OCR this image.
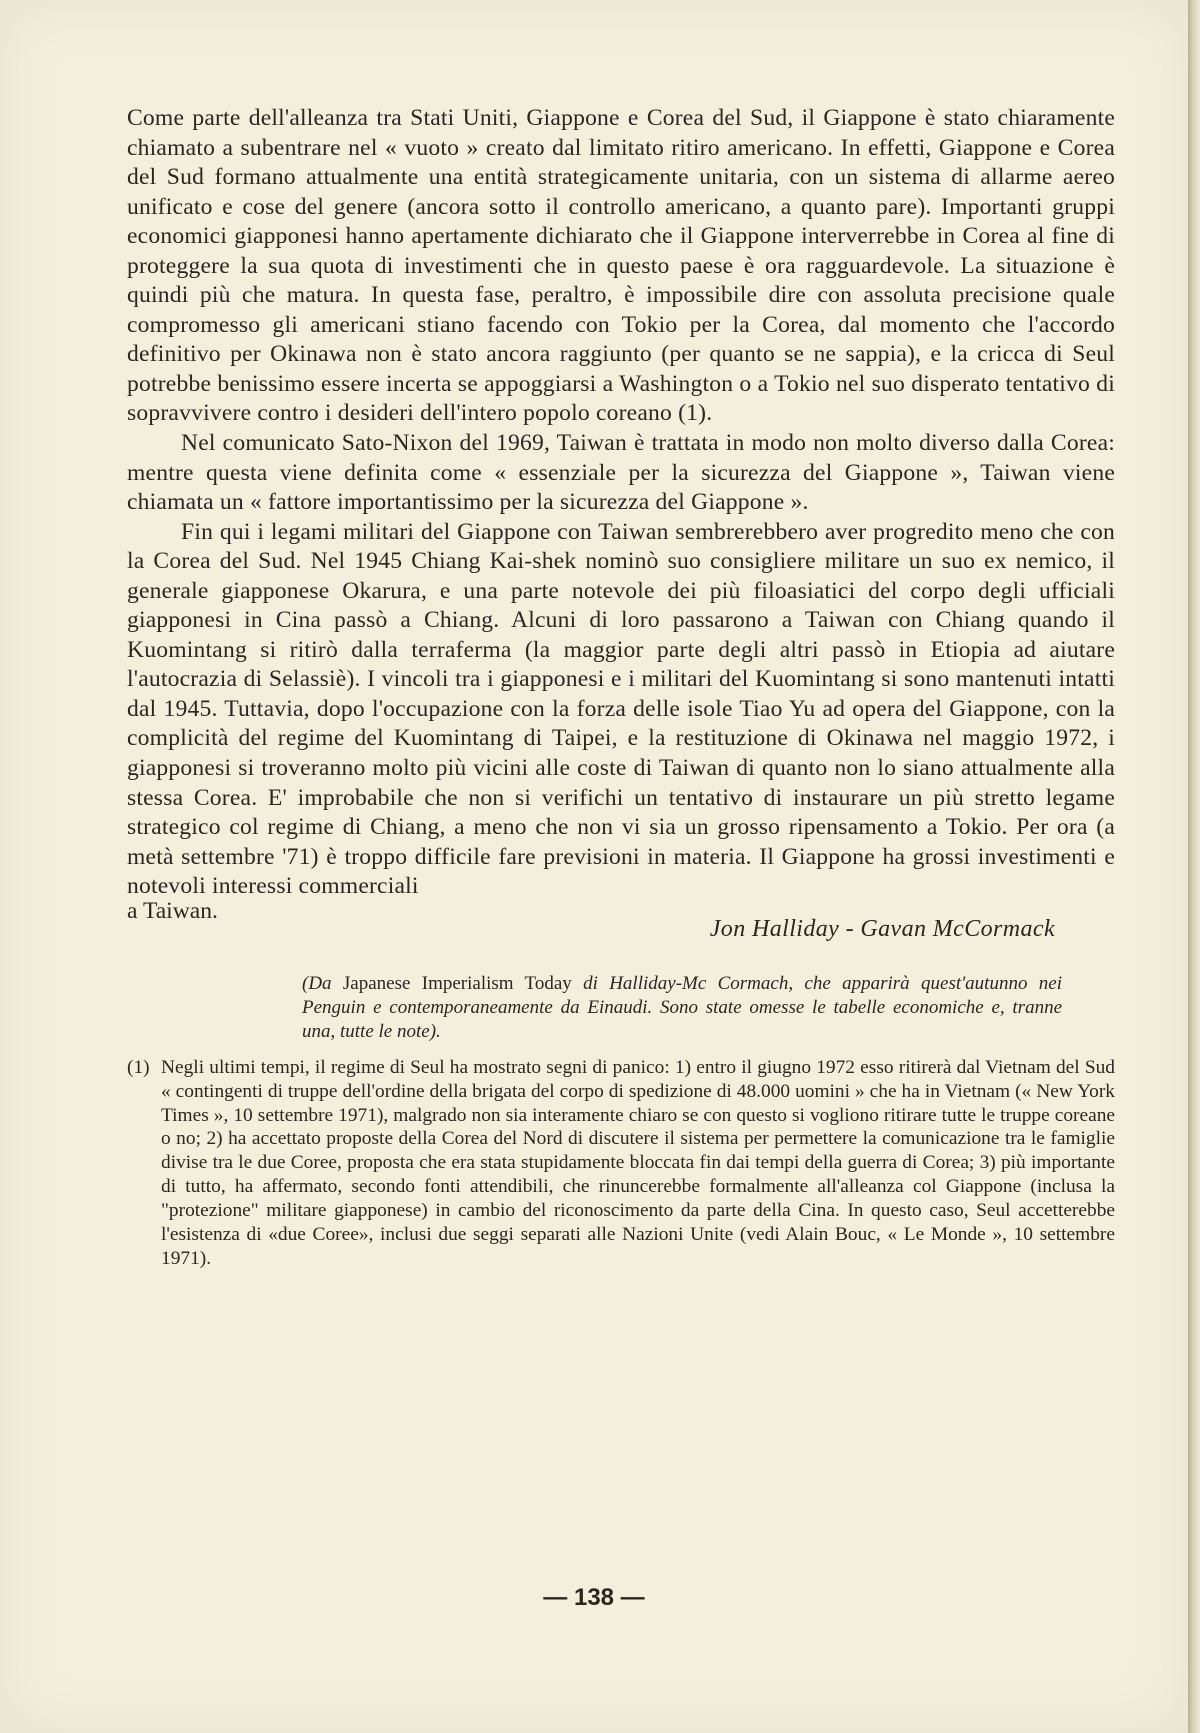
Come parte dell'alleanza tra Stati Uniti, Giappone e Corea del Sud, il Giappone è stato chiaramente chiamato a subentrare nel « vuoto » creato dal limitato ritiro americano. In effetti, Giappone e Corea del Sud formano attualmente una entità strategicamente unitaria, con un sistema di allarme aereo unificato e cose del genere (ancora sotto il controllo americano, a quanto pare). Importanti gruppi economici giapponesi hanno apertamente dichiarato che il Giappone interverrebbe in Corea al fine di proteggere la sua quota di investimenti che in questo paese è ora ragguardevole. La situazione è quindi più che matura. In questa fase, peraltro, è impossibile dire con assoluta precisione quale compromesso gli americani stiano facendo con Tokio per la Corea, dal momento che l'accordo definitivo per Okinawa non è stato ancora raggiunto (per quanto se ne sappia), e la cricca di Seul potrebbe benissimo essere incerta se appoggiarsi a Washington o a Tokio nel suo disperato tentativo di sopravvivere contro i desideri dell'intero popolo coreano (1).

Nel comunicato Sato-Nixon del 1969, Taiwan è trattata in modo non molto diverso dalla Corea: mentre questa viene definita come « essenziale per la sicurezza del Giappone », Taiwan viene chiamata un « fattore importantissimo per la sicurezza del Giappone ».

Fin qui i legami militari del Giappone con Taiwan sembrerebbero aver progredito meno che con la Corea del Sud. Nel 1945 Chiang Kai-shek nominò suo consigliere militare un suo ex nemico, il generale giapponese Okarura, e una parte notevole dei più filoasiatici del corpo degli ufficiali giapponesi in Cina passò a Chiang. Alcuni di loro passarono a Taiwan con Chiang quando il Kuomintang si ritirò dalla terraferma (la maggior parte degli altri passò in Etiopia ad aiutare l'autocrazia di Selassiè). I vincoli tra i giapponesi e i militari del Kuomintang si sono mantenuti intatti dal 1945. Tuttavia, dopo l'occupazione con la forza delle isole Tiao Yu ad opera del Giappone, con la complicità del regime del Kuomintang di Taipei, e la restituzione di Okinawa nel maggio 1972, i giapponesi si troveranno molto più vicini alle coste di Taiwan di quanto non lo siano attualmente alla stessa Corea. E' improbabile che non si verifichi un tentativo di instaurare un più stretto legame strategico col regime di Chiang, a meno che non vi sia un grosso ripensamento a Tokio. Per ora (a metà settembre '71) è troppo difficile fare previsioni in materia. Il Giappone ha grossi investimenti e notevoli interessi commerciali

a Taiwan.
Jon Halliday - Gavan McCormack
(Da Japanese Imperialism Today di Halliday-Mc Cormach, che apparirà quest'autunno nei Penguin e contemporaneamente da Einaudi. Sono state omesse le tabelle economiche e, tranne una, tutte le note).
(1) Negli ultimi tempi, il regime di Seul ha mostrato segni di panico: 1) entro il giugno 1972 esso ritirerà dal Vietnam del Sud « contingenti di truppe dell'ordine della brigata del corpo di spedizione di 48.000 uomini » che ha in Vietnam (« New York Times », 10 settembre 1971), malgrado non sia interamente chiaro se con questo si vogliono ritirare tutte le truppe coreane o no; 2) ha accettato proposte della Corea del Nord di discutere il sistema per permettere la comunicazione tra le famiglie divise tra le due Coree, proposta che era stata stupidamente bloccata fin dai tempi della guerra di Corea; 3) più importante di tutto, ha affermato, secondo fonti attendibili, che rinuncerebbe formalmente all'alleanza col Giappone (inclusa la "protezione" militare giapponese) in cambio del riconoscimento da parte della Cina. In questo caso, Seul accetterebbe l'esistenza di «due Coree», inclusi due seggi separati alle Nazioni Unite (vedi Alain Bouc, « Le Monde », 10 settembre 1971).
— 138 —
